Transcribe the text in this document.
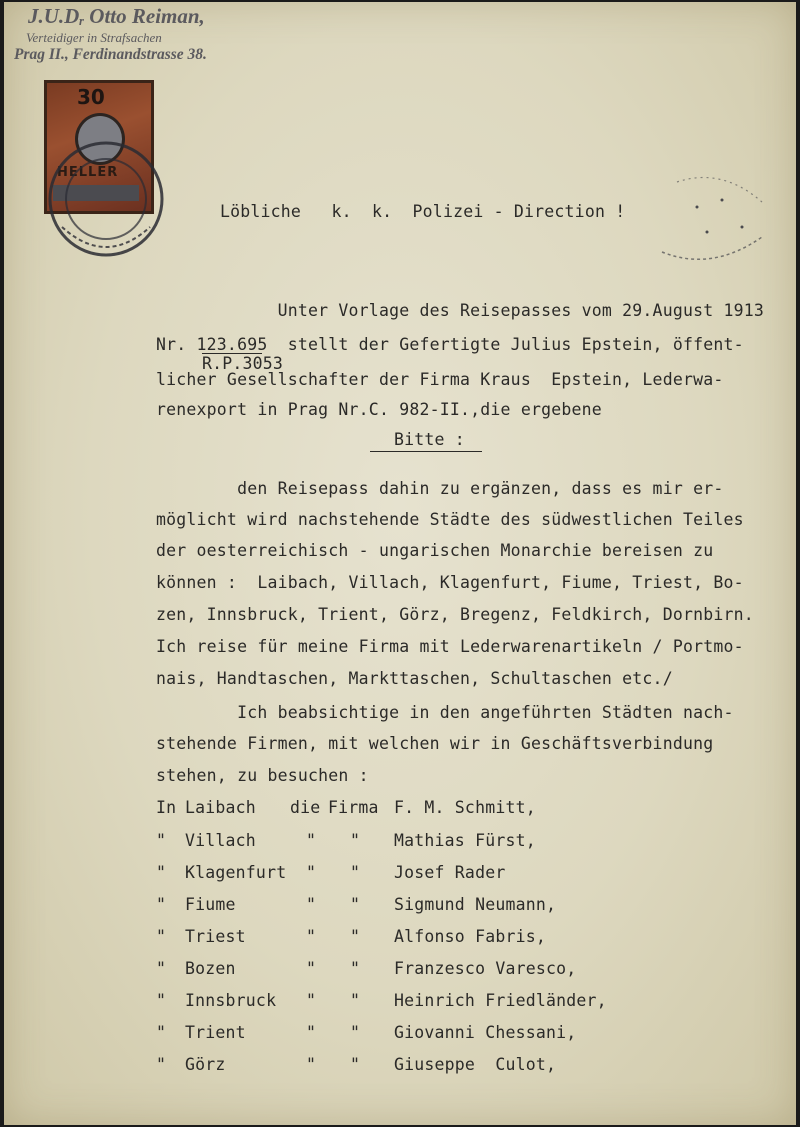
J.U.Dᵣ Otto Reiman,
Verteidiger in Strafsachen
Prag II., Ferdinandstrasse 38.
30
HELLER
Löbliche   k.  k.  Polizei - Direction !
Unter Vorlage des Reisepasses vom 29.August 1913
Nr. 123.695  stellt der Gefertigte Julius Epstein, öffent-
R.P.3053
licher Gesellschafter der Firma Kraus  Epstein, Lederwa-
renexport in Prag Nr.C. 982-II.,die ergebene
Bitte :
den Reisepass dahin zu ergänzen, dass es mir er-
möglicht wird nachstehende Städte des südwestlichen Teiles
der oesterreichisch - ungarischen Monarchie bereisen zu
können :  Laibach, Villach, Klagenfurt, Fiume, Triest, Bo-
zen, Innsbruck, Trient, Görz, Bregenz, Feldkirch, Dornbirn.
Ich reise für meine Firma mit Lederwarenartikeln / Portmo-
nais, Handtaschen, Markttaschen, Schultaschen etc./
Ich beabsichtige in den angeführten Städten nach-
stehende Firmen, mit welchen wir in Geschäftsverbindung
stehen, zu besuchen :
In Laibach die Firma F. M. Schmitt,
" Villach	" " Mathias Fürst,
" Klagenfurt " " Josef Rader
" Fiume	" " Sigmund Neumann,
" Triest	" " Alfonso Fabris,
" Bozen	" " Franzesco Varesco,
" Innsbruck " " Heinrich Friedländer,
" Trient	" " Giovanni Chessani,
" Görz	" " Giuseppe  Culot,
